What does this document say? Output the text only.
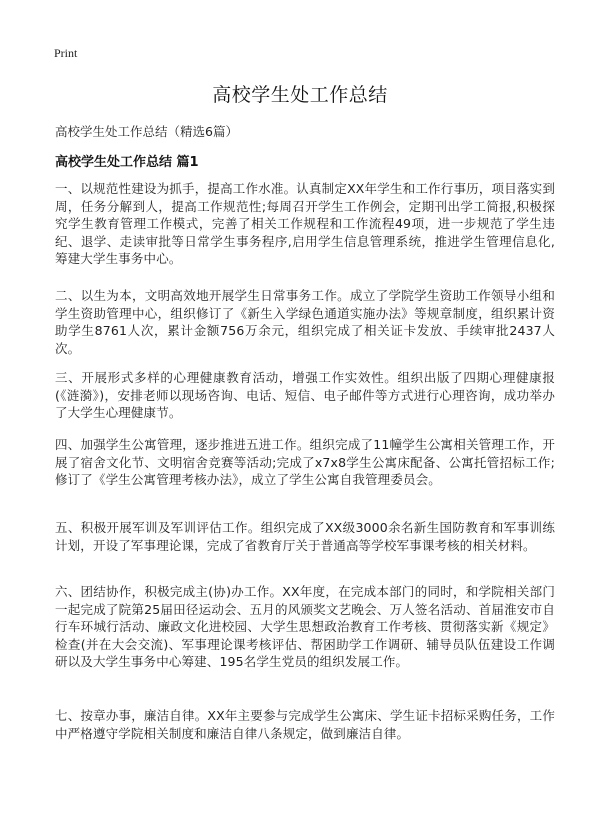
Print
高校学生处工作总结

高校学生处工作总结（精选6篇）

高校学生处工作总结 篇1

一、以规范性建设为抓手，提高工作水准。认真制定XX年学生和工作行事历，项目落实到周，任务分解到人，提高工作规范性;每周召开学生工作例会，定期刊出学工简报,积极探究学生教育管理工作模式，完善了相关工作规程和工作流程49项，进一步规范了学生违纪、退学、走读审批等日常学生事务程序,启用学生信息管理系统，推进学生管理信息化,筹建大学生事务中心。

二、以生为本，文明高效地开展学生日常事务工作。成立了学院学生资助工作领导小组和学生资助管理中心，组织修订了《新生入学绿色通道实施办法》等规章制度，组织累计资助学生8761人次，累计金额756万余元，组织完成了相关证卡发放、手续审批2437人次。

三、开展形式多样的心理健康教育活动，增强工作实效性。组织出版了四期心理健康报(《涟漪》)，安排老师以现场咨询、电话、短信、电子邮件等方式进行心理咨询，成功举办了大学生心理健康节。

四、加强学生公寓管理，逐步推进五进工作。组织完成了11幢学生公寓相关管理工作，开展了宿舍文化节、文明宿舍竞赛等活动;完成了x7x8学生公寓床配备、公寓托管招标工作;修订了《学生公寓管理考核办法》，成立了学生公寓自我管理委员会。

五、积极开展军训及军训评估工作。组织完成了XX级3000余名新生国防教育和军事训练计划，开设了军事理论课，完成了省教育厅关于普通高等学校军事课考核的相关材料。

六、团结协作，积极完成主(协)办工作。XX年度，在完成本部门的同时，和学院相关部门一起完成了院第25届田径运动会、五月的风颁奖文艺晚会、万人签名活动、首届淮安市自行车环城行活动、廉政文化进校园、大学生思想政治教育工作考核、贯彻落实新《规定》检查(并在大会交流)、军事理论课考核评估、帮困助学工作调研、辅导员队伍建设工作调研以及大学生事务中心筹建、195名学生党员的组织发展工作。

七、按章办事，廉洁自律。XX年主要参与完成学生公寓床、学生证卡招标采购任务，工作中严格遵守学院相关制度和廉洁自律八条规定，做到廉洁自律。
